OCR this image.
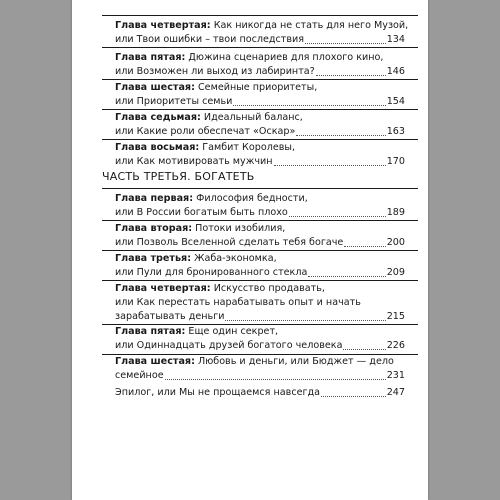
Глава четвертая:
Как никогда не стать для него Музой,
или Твои ошибки – твои последствия	134
Глава пятая:
Дюжина сценариев для плохого кино,
или Возможен ли выход из лабиринта?	146
Глава шестая:
Семейные приоритеты,
или Приоритеты семьи	154
Глава седьмая:
Идеальный баланс,
или Какие роли обеспечат «Оскар»	163
Глава восьмая:
Гамбит Королевы,
или Как мотивировать мужчин	170
ЧАСТЬ ТРЕТЬЯ. БОГАТЕТЬ
Глава первая:
Философия бедности,
или В России богатым быть плохо	189
Глава вторая:
Потоки изобилия,
или Позволь Вселенной сделать тебя богаче	200
Глава третья:
Жаба-экономка,
или Пули для бронированного стекла	209
Глава четвертая:
Искусство продавать,
или Как перестать нарабатывать опыт и начать
зарабатывать деньги	215
Глава пятая:
Еще один секрет,
или Одиннадцать друзей богатого человека	226
Глава шестая:
Любовь и деньги, или Бюджет — дело
семейное	231
Эпилог, или Мы не прощаемся навсегда	247
